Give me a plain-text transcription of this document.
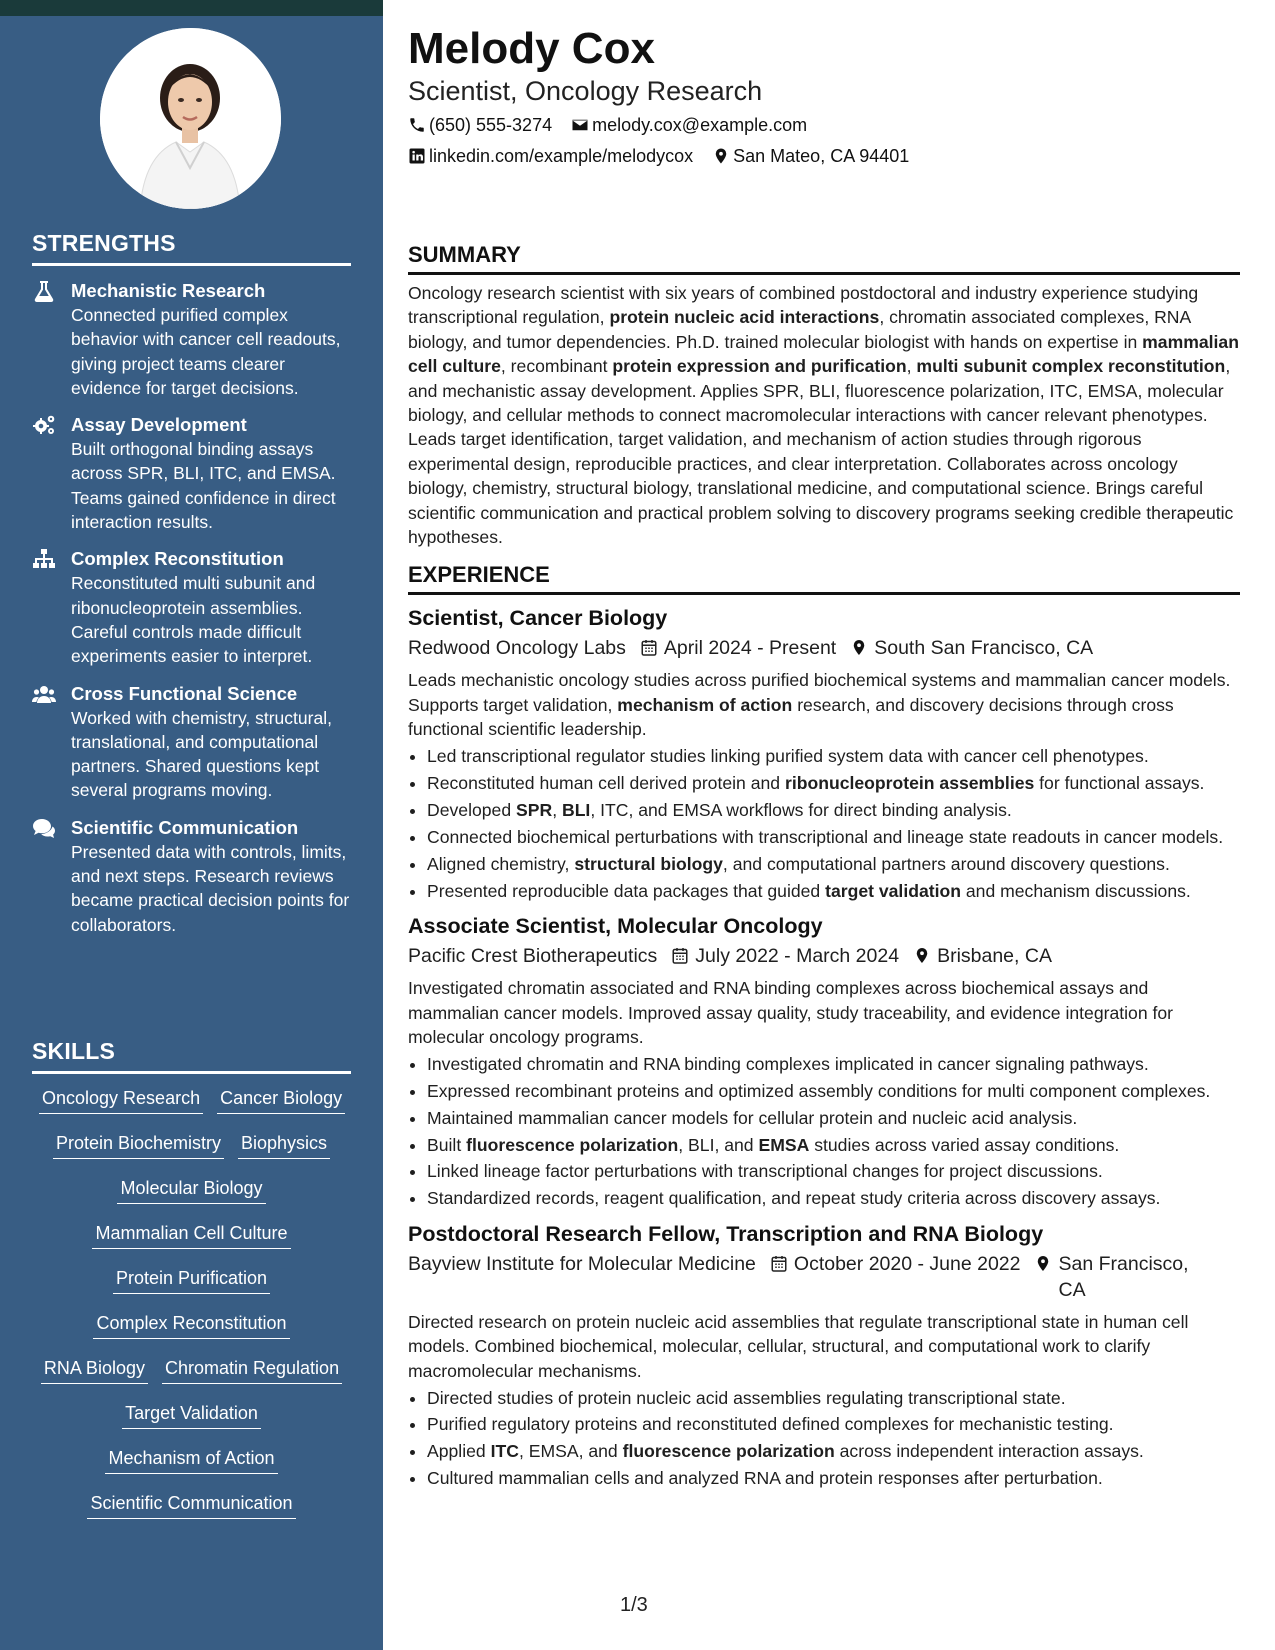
STRENGTHS
Mechanistic Research
Connected purified complex behavior with cancer cell readouts, giving project teams clearer evidence for target decisions.
Assay Development
Built orthogonal binding assays across SPR, BLI, ITC, and EMSA. Teams gained confidence in direct interaction results.
Complex Reconstitution
Reconstituted multi subunit and ribonucleoprotein assemblies. Careful controls made difficult experiments easier to interpret.
Cross Functional Science
Worked with chemistry, structural, translational, and computational partners. Shared questions kept several programs moving.
Scientific Communication
Presented data with controls, limits, and next steps. Research reviews became practical decision points for collaborators.
SKILLS
Oncology Research Cancer Biology
Protein Biochemistry Biophysics
Molecular Biology
Mammalian Cell Culture
Protein Purification
Complex Reconstitution
RNA Biology Chromatin Regulation
Target Validation
Mechanism of Action
Scientific Communication
Melody Cox
Scientist, Oncology Research
(650) 555-3274 melody.cox@example.com
linkedin.com/example/melodycox San Mateo, CA 94401
SUMMARY
Oncology research scientist with six years of combined postdoctoral and industry experience studying transcriptional regulation, protein nucleic acid interactions, chromatin associated complexes, RNA biology, and tumor dependencies. Ph.D. trained molecular biologist with hands on expertise in mammalian cell culture, recombinant protein expression and purification, multi subunit complex reconstitution, and mechanistic assay development. Applies SPR, BLI, fluorescence polarization, ITC, EMSA, molecular biology, and cellular methods to connect macromolecular interactions with cancer relevant phenotypes. Leads target identification, target validation, and mechanism of action studies through rigorous experimental design, reproducible practices, and clear interpretation. Collaborates across oncology biology, chemistry, structural biology, translational medicine, and computational science. Brings careful scientific communication and practical problem solving to discovery programs seeking credible therapeutic hypotheses.
EXPERIENCE
Scientist, Cancer Biology
Redwood Oncology Labs April 2024 - Present South San Francisco, CA
Leads mechanistic oncology studies across purified biochemical systems and mammalian cancer models. Supports target validation, mechanism of action research, and discovery decisions through cross functional scientific leadership.
• Led transcriptional regulator studies linking purified system data with cancer cell phenotypes.
• Reconstituted human cell derived protein and ribonucleoprotein assemblies for functional assays.
• Developed SPR, BLI, ITC, and EMSA workflows for direct binding analysis.
• Connected biochemical perturbations with transcriptional and lineage state readouts in cancer models.
• Aligned chemistry, structural biology, and computational partners around discovery questions.
• Presented reproducible data packages that guided target validation and mechanism discussions.
Associate Scientist, Molecular Oncology
Pacific Crest Biotherapeutics July 2022 - March 2024 Brisbane, CA
Investigated chromatin associated and RNA binding complexes across biochemical assays and mammalian cancer models. Improved assay quality, study traceability, and evidence integration for molecular oncology programs.
• Investigated chromatin and RNA binding complexes implicated in cancer signaling pathways.
• Expressed recombinant proteins and optimized assembly conditions for multi component complexes.
• Maintained mammalian cancer models for cellular protein and nucleic acid analysis.
• Built fluorescence polarization, BLI, and EMSA studies across varied assay conditions.
• Linked lineage factor perturbations with transcriptional changes for project discussions.
• Standardized records, reagent qualification, and repeat study criteria across discovery assays.
Postdoctoral Research Fellow, Transcription and RNA Biology
Bayview Institute for Molecular Medicine October 2020 - June 2022 San Francisco, CA
Directed research on protein nucleic acid assemblies that regulate transcriptional state in human cell models. Combined biochemical, molecular, cellular, structural, and computational work to clarify macromolecular mechanisms.
• Directed studies of protein nucleic acid assemblies regulating transcriptional state.
• Purified regulatory proteins and reconstituted defined complexes for mechanistic testing.
• Applied ITC, EMSA, and fluorescence polarization across independent interaction assays.
• Cultured mammalian cells and analyzed RNA and protein responses after perturbation.
1/3
